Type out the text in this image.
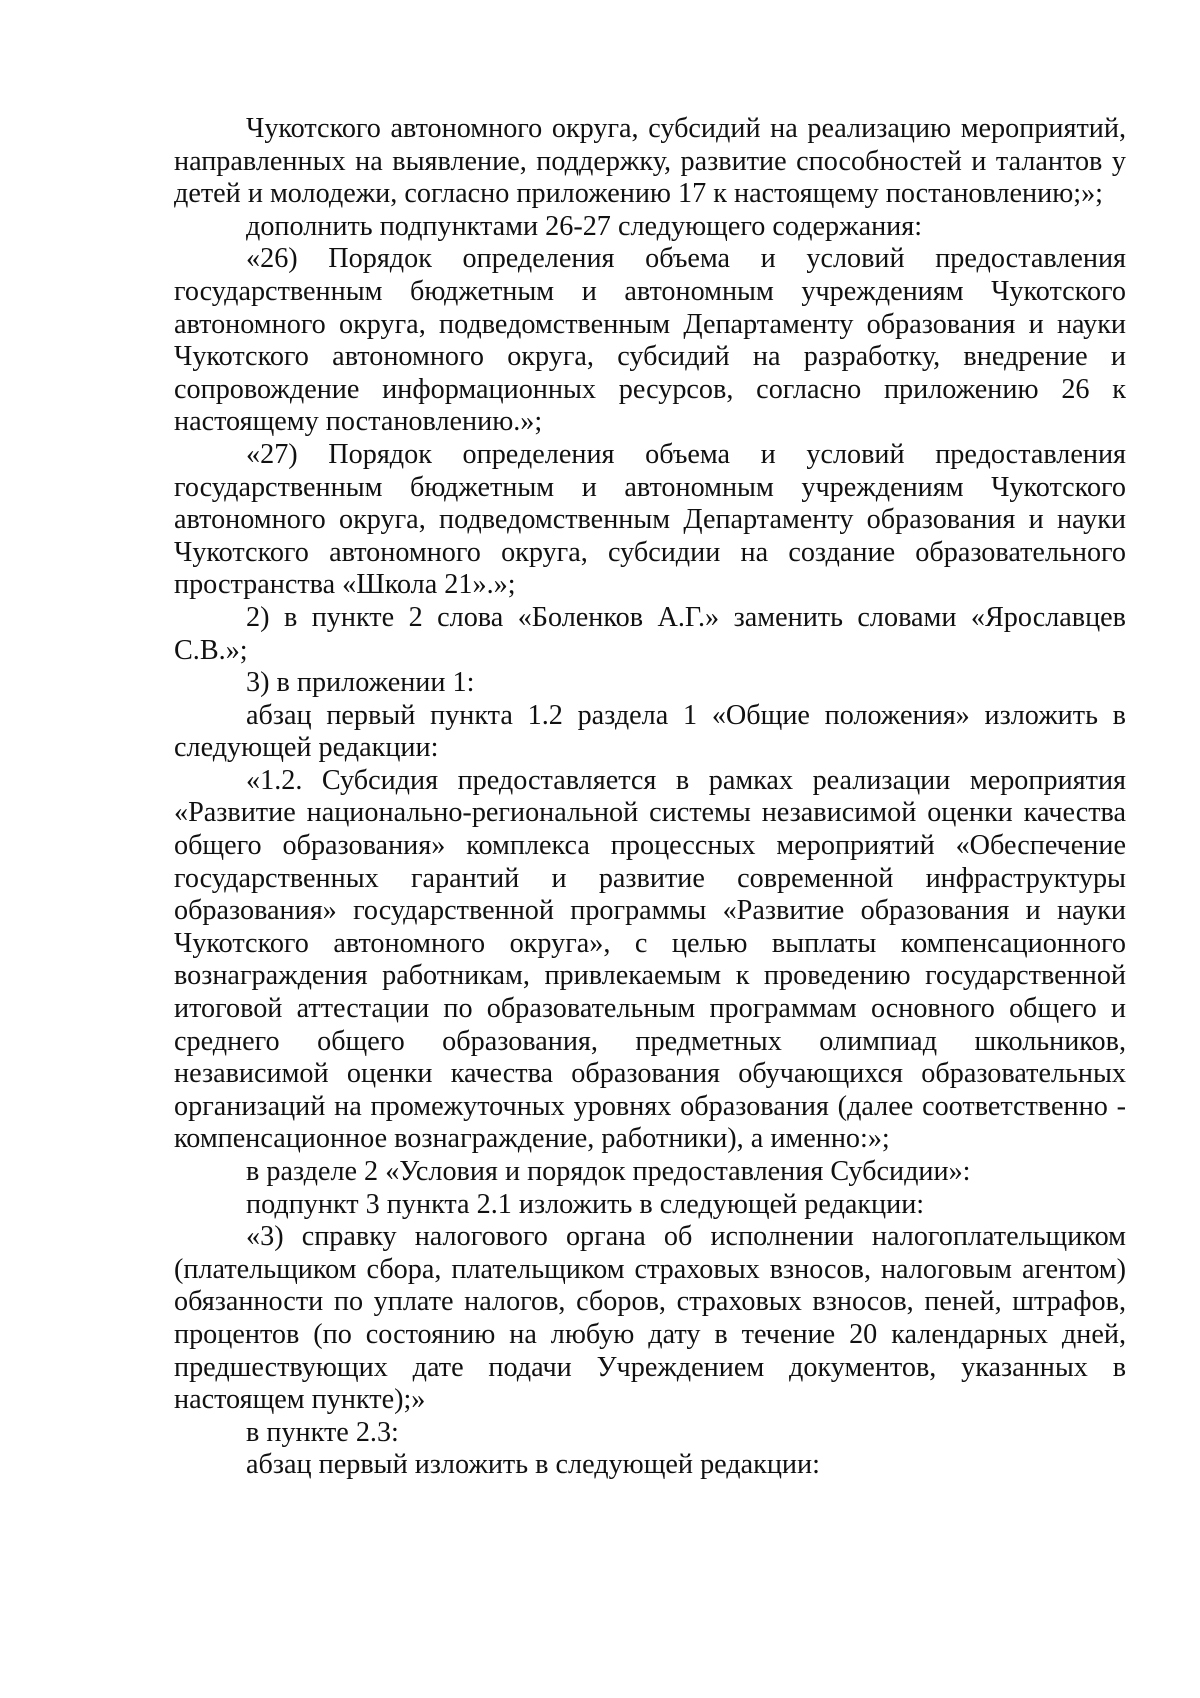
Чукотского автономного округа, субсидий на реализацию мероприятий, направленных на выявление, поддержку, развитие способностей и талантов у детей и молодежи, согласно приложению 17 к настоящему постановлению;»;

дополнить подпунктами 26-27 следующего содержания:

«26) Порядок определения объема и условий предоставления государственным бюджетным и автономным учреждениям Чукотского автономного округа, подведомственным Департаменту образования и науки Чукотского автономного округа, субсидий на разработку, внедрение и сопровождение информационных ресурсов, согласно приложению 26 к настоящему постановлению.»;

«27) Порядок определения объема и условий предоставления государственным бюджетным и автономным учреждениям Чукотского автономного округа, подведомственным Департаменту образования и науки Чукотского автономного округа, субсидии на создание образовательного пространства «Школа 21».»;

2) в пункте 2 слова «Боленков А.Г.» заменить словами «Ярославцев С.В.»;

3) в приложении 1:

абзац первый пункта 1.2 раздела 1 «Общие положения» изложить в следующей редакции:

«1.2. Субсидия предоставляется в рамках реализации мероприятия «Развитие национально-региональной системы независимой оценки качества общего образования» комплекса процессных мероприятий «Обеспечение государственных гарантий и развитие современной инфраструктуры образования» государственной программы «Развитие образования и науки Чукотского автономного округа», с целью выплаты компенсационного вознаграждения работникам, привлекаемым к проведению государственной итоговой аттестации по образовательным программам основного общего и среднего общего образования, предметных олимпиад школьников, независимой оценки качества образования обучающихся образовательных организаций на промежуточных уровнях образования (далее соответственно - компенсационное вознаграждение, работники), а именно:»;

в разделе 2 «Условия и порядок предоставления Субсидии»:

подпункт 3 пункта 2.1 изложить в следующей редакции:

«3) справку налогового органа об исполнении налогоплательщиком (плательщиком сбора, плательщиком страховых взносов, налоговым агентом) обязанности по уплате налогов, сборов, страховых взносов, пеней, штрафов, процентов (по состоянию на любую дату в течение 20 календарных дней, предшествующих дате подачи Учреждением документов, указанных в настоящем пункте);»

в пункте 2.3:

абзац первый изложить в следующей редакции:
